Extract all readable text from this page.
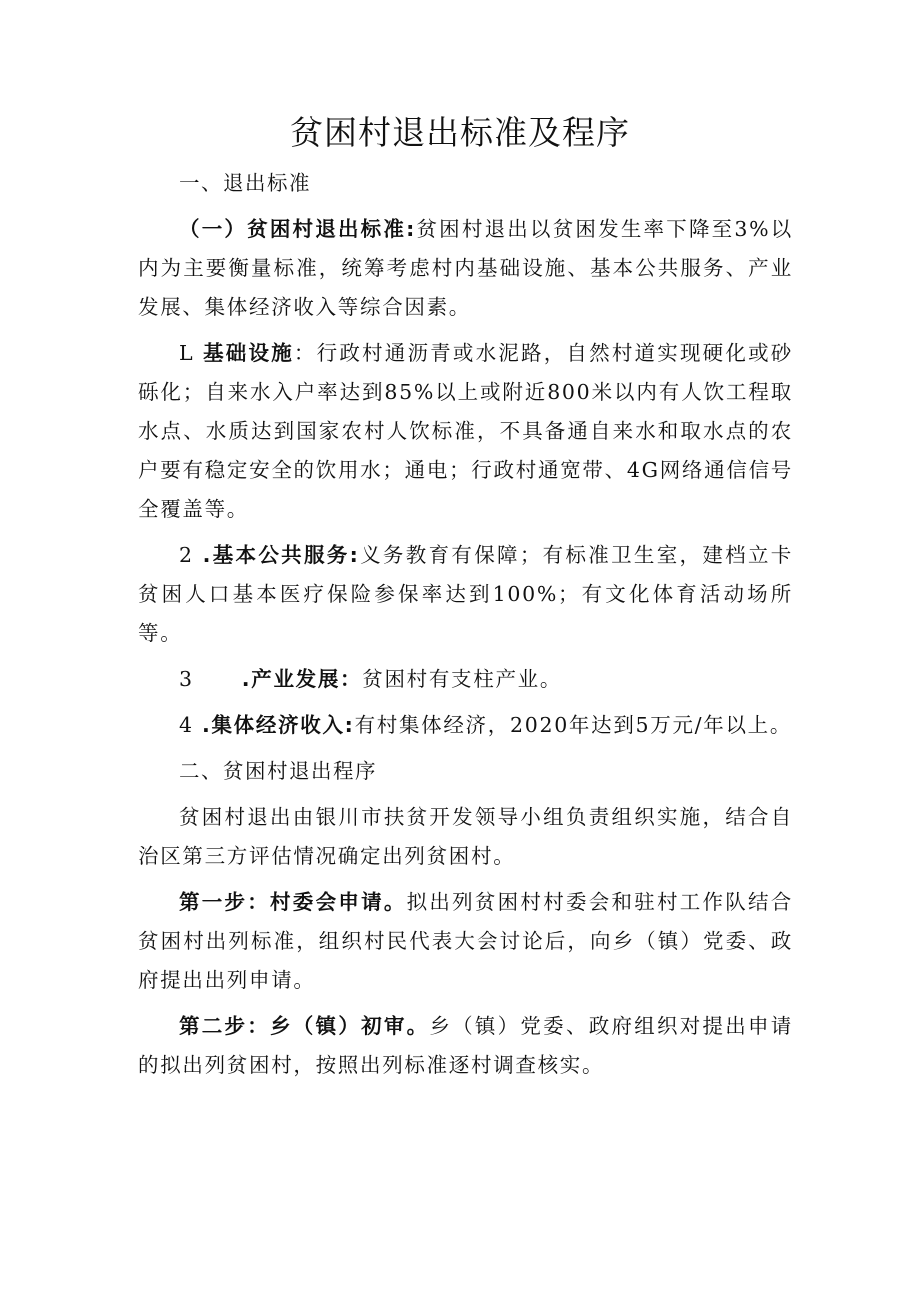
贫困村退出标准及程序
一、退出标准

（一）贫困村退出标准:贫困村退出以贫困发生率下降至3%以内为主要衡量标准，统筹考虑村内基础设施、基本公共服务、产业发展、集体经济收入等综合因素。

L 基础设施：行政村通沥青或水泥路，自然村道实现硬化或砂砾化；自来水入户率达到85%以上或附近800米以内有人饮工程取水点、水质达到国家农村人饮标准，不具备通自来水和取水点的农户要有稳定安全的饮用水；通电；行政村通宽带、4G网络通信信号全覆盖等。

2 .基本公共服务:义务教育有保障；有标准卫生室，建档立卡贫困人口基本医疗保险参保率达到100%；有文化体育活动场所等。

3 .产业发展：贫困村有支柱产业。

4 .集体经济收入:有村集体经济，2020年达到5万元/年以上。

二、贫困村退出程序

贫困村退出由银川市扶贫开发领导小组负责组织实施，结合自治区第三方评估情况确定出列贫困村。

第一步：村委会申请。拟出列贫困村村委会和驻村工作队结合贫困村出列标准，组织村民代表大会讨论后，向乡（镇）党委、政府提出出列申请。

第二步：乡（镇）初审。乡（镇）党委、政府组织对提出申请的拟出列贫困村，按照出列标准逐村调查核实。
